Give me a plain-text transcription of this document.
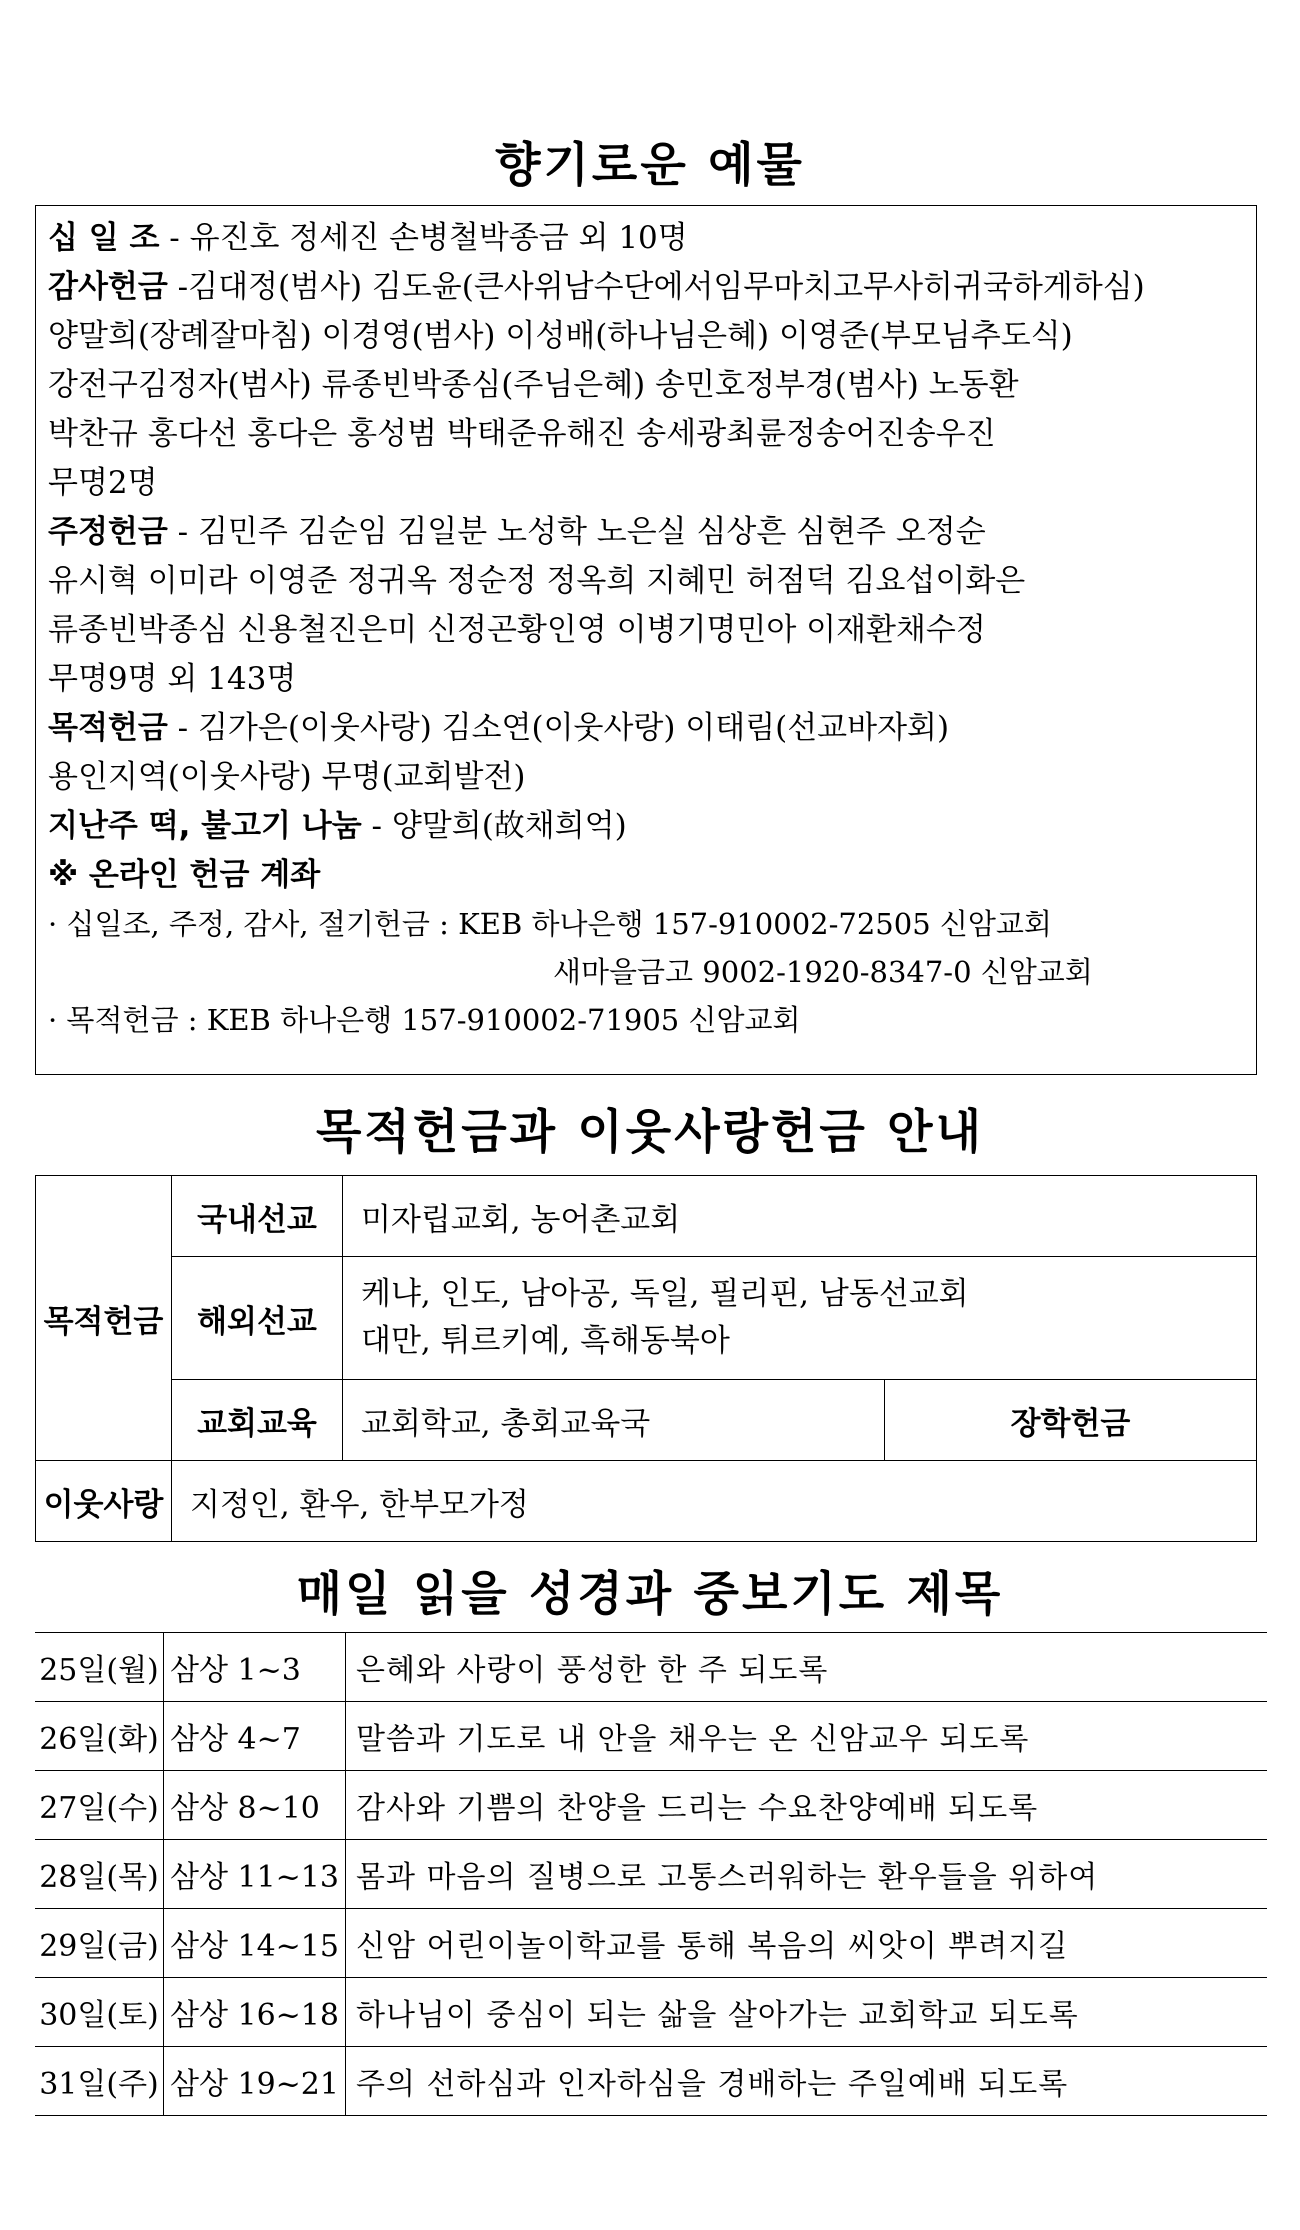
향기로운 예물
십 일 조 - 유진호 정세진 손병철박종금 외 10명
감사헌금 -김대정(범사) 김도윤(큰사위남수단에서임무마치고무사히귀국하게하심)
양말희(장례잘마침) 이경영(범사) 이성배(하나님은혜) 이영준(부모님추도식)
강전구김정자(범사) 류종빈박종심(주님은혜) 송민호정부경(범사) 노동환
박찬규 홍다선 홍다은 홍성범 박태준유해진 송세광최륜정송어진송우진
무명2명
주정헌금 - 김민주 김순임 김일분 노성학 노은실 심상흔 심현주 오정순
유시혁 이미라 이영준 정귀옥 정순정 정옥희 지혜민 허점덕 김요섭이화은
류종빈박종심 신용철진은미 신정곤황인영 이병기명민아 이재환채수정
무명9명 외 143명
목적헌금 - 김가은(이웃사랑) 김소연(이웃사랑) 이태림(선교바자회)
용인지역(이웃사랑) 무명(교회발전)
지난주 떡, 불고기 나눔 - 양말희(故채희억)
※ 온라인 헌금 계좌
· 십일조, 주정, 감사, 절기헌금 : KEB 하나은행 157-910002-72505 신암교회
새마을금고 9002-1920-8347-0 신암교회
· 목적헌금 : KEB 하나은행 157-910002-71905 신암교회
목적헌금과 이웃사랑헌금 안내
목적헌금	국내선교	미자립교회, 농어촌교회	
	해외선교	케냐, 인도, 남아공, 독일, 필리핀, 남동선교회
대만, 튀르키예, 흑해동북아	

	교회교육	교회학교, 총회교육국	장학헌금
이웃사랑	지정인, 환우, 한부모가정		
매일 읽을 성경과 중보기도 제목
25일(월)	삼상 1~3	은혜와 사랑이 풍성한 한 주 되도록
26일(화)	삼상 4~7	말씀과 기도로 내 안을 채우는 온 신암교우 되도록
27일(수)	삼상 8~10	감사와 기쁨의 찬양을 드리는 수요찬양예배 되도록
28일(목)	삼상 11~13	몸과 마음의 질병으로 고통스러워하는 환우들을 위하여
29일(금)	삼상 14~15	신암 어린이놀이학교를 통해 복음의 씨앗이 뿌려지길
30일(토)	삼상 16~18	하나님이 중심이 되는 삶을 살아가는 교회학교 되도록
31일(주)	삼상 19~21	주의 선하심과 인자하심을 경배하는 주일예배 되도록
